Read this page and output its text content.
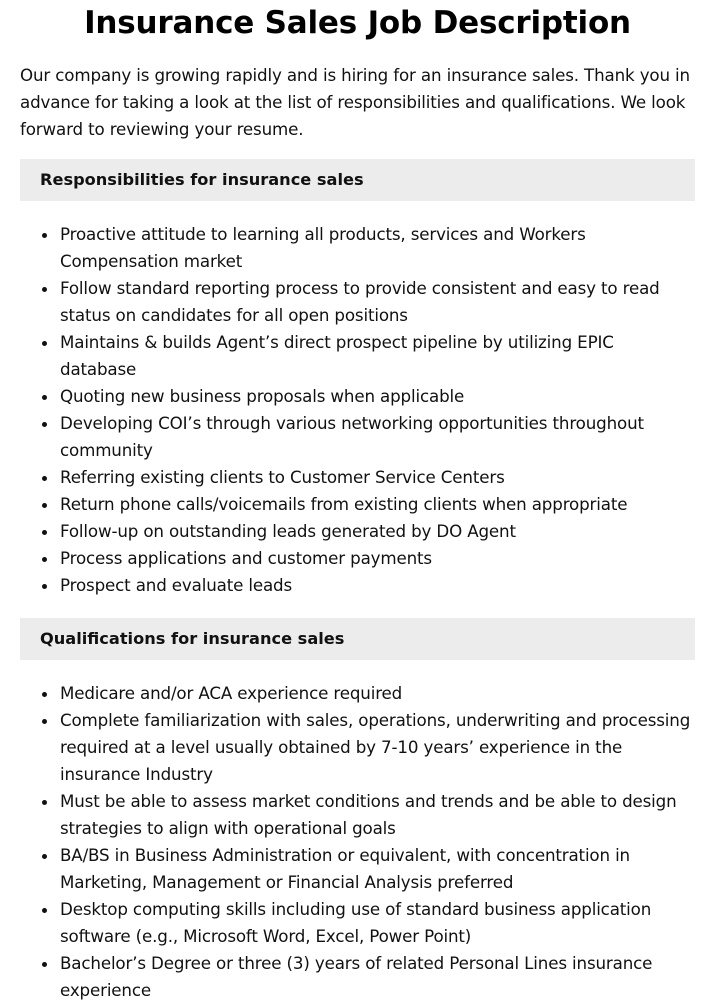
Insurance Sales Job Description

Our company is growing rapidly and is hiring for an insurance sales. Thank you in advance for taking a look at the list of responsibilities and qualifications. We look forward to reviewing your resume.

Responsibilities for insurance sales
Proactive attitude to learning all products, services and Workers Compensation market
Follow standard reporting process to provide consistent and easy to read status on candidates for all open positions
Maintains & builds Agent’s direct prospect pipeline by utilizing EPIC database
Quoting new business proposals when applicable
Developing COI’s through various networking opportunities throughout community
Referring existing clients to Customer Service Centers
Return phone calls/voicemails from existing clients when appropriate
Follow-up on outstanding leads generated by DO Agent
Process applications and customer payments
Prospect and evaluate leads
Qualifications for insurance sales
Medicare and/or ACA experience required
Complete familiarization with sales, operations, underwriting and processing required at a level usually obtained by 7-10 years’ experience in the insurance Industry
Must be able to assess market conditions and trends and be able to design strategies to align with operational goals
BA/BS in Business Administration or equivalent, with concentration in Marketing, Management or Financial Analysis preferred
Desktop computing skills including use of standard business application software (e.g., Microsoft Word, Excel, Power Point)
Bachelor’s Degree or three (3) years of related Personal Lines insurance experience
